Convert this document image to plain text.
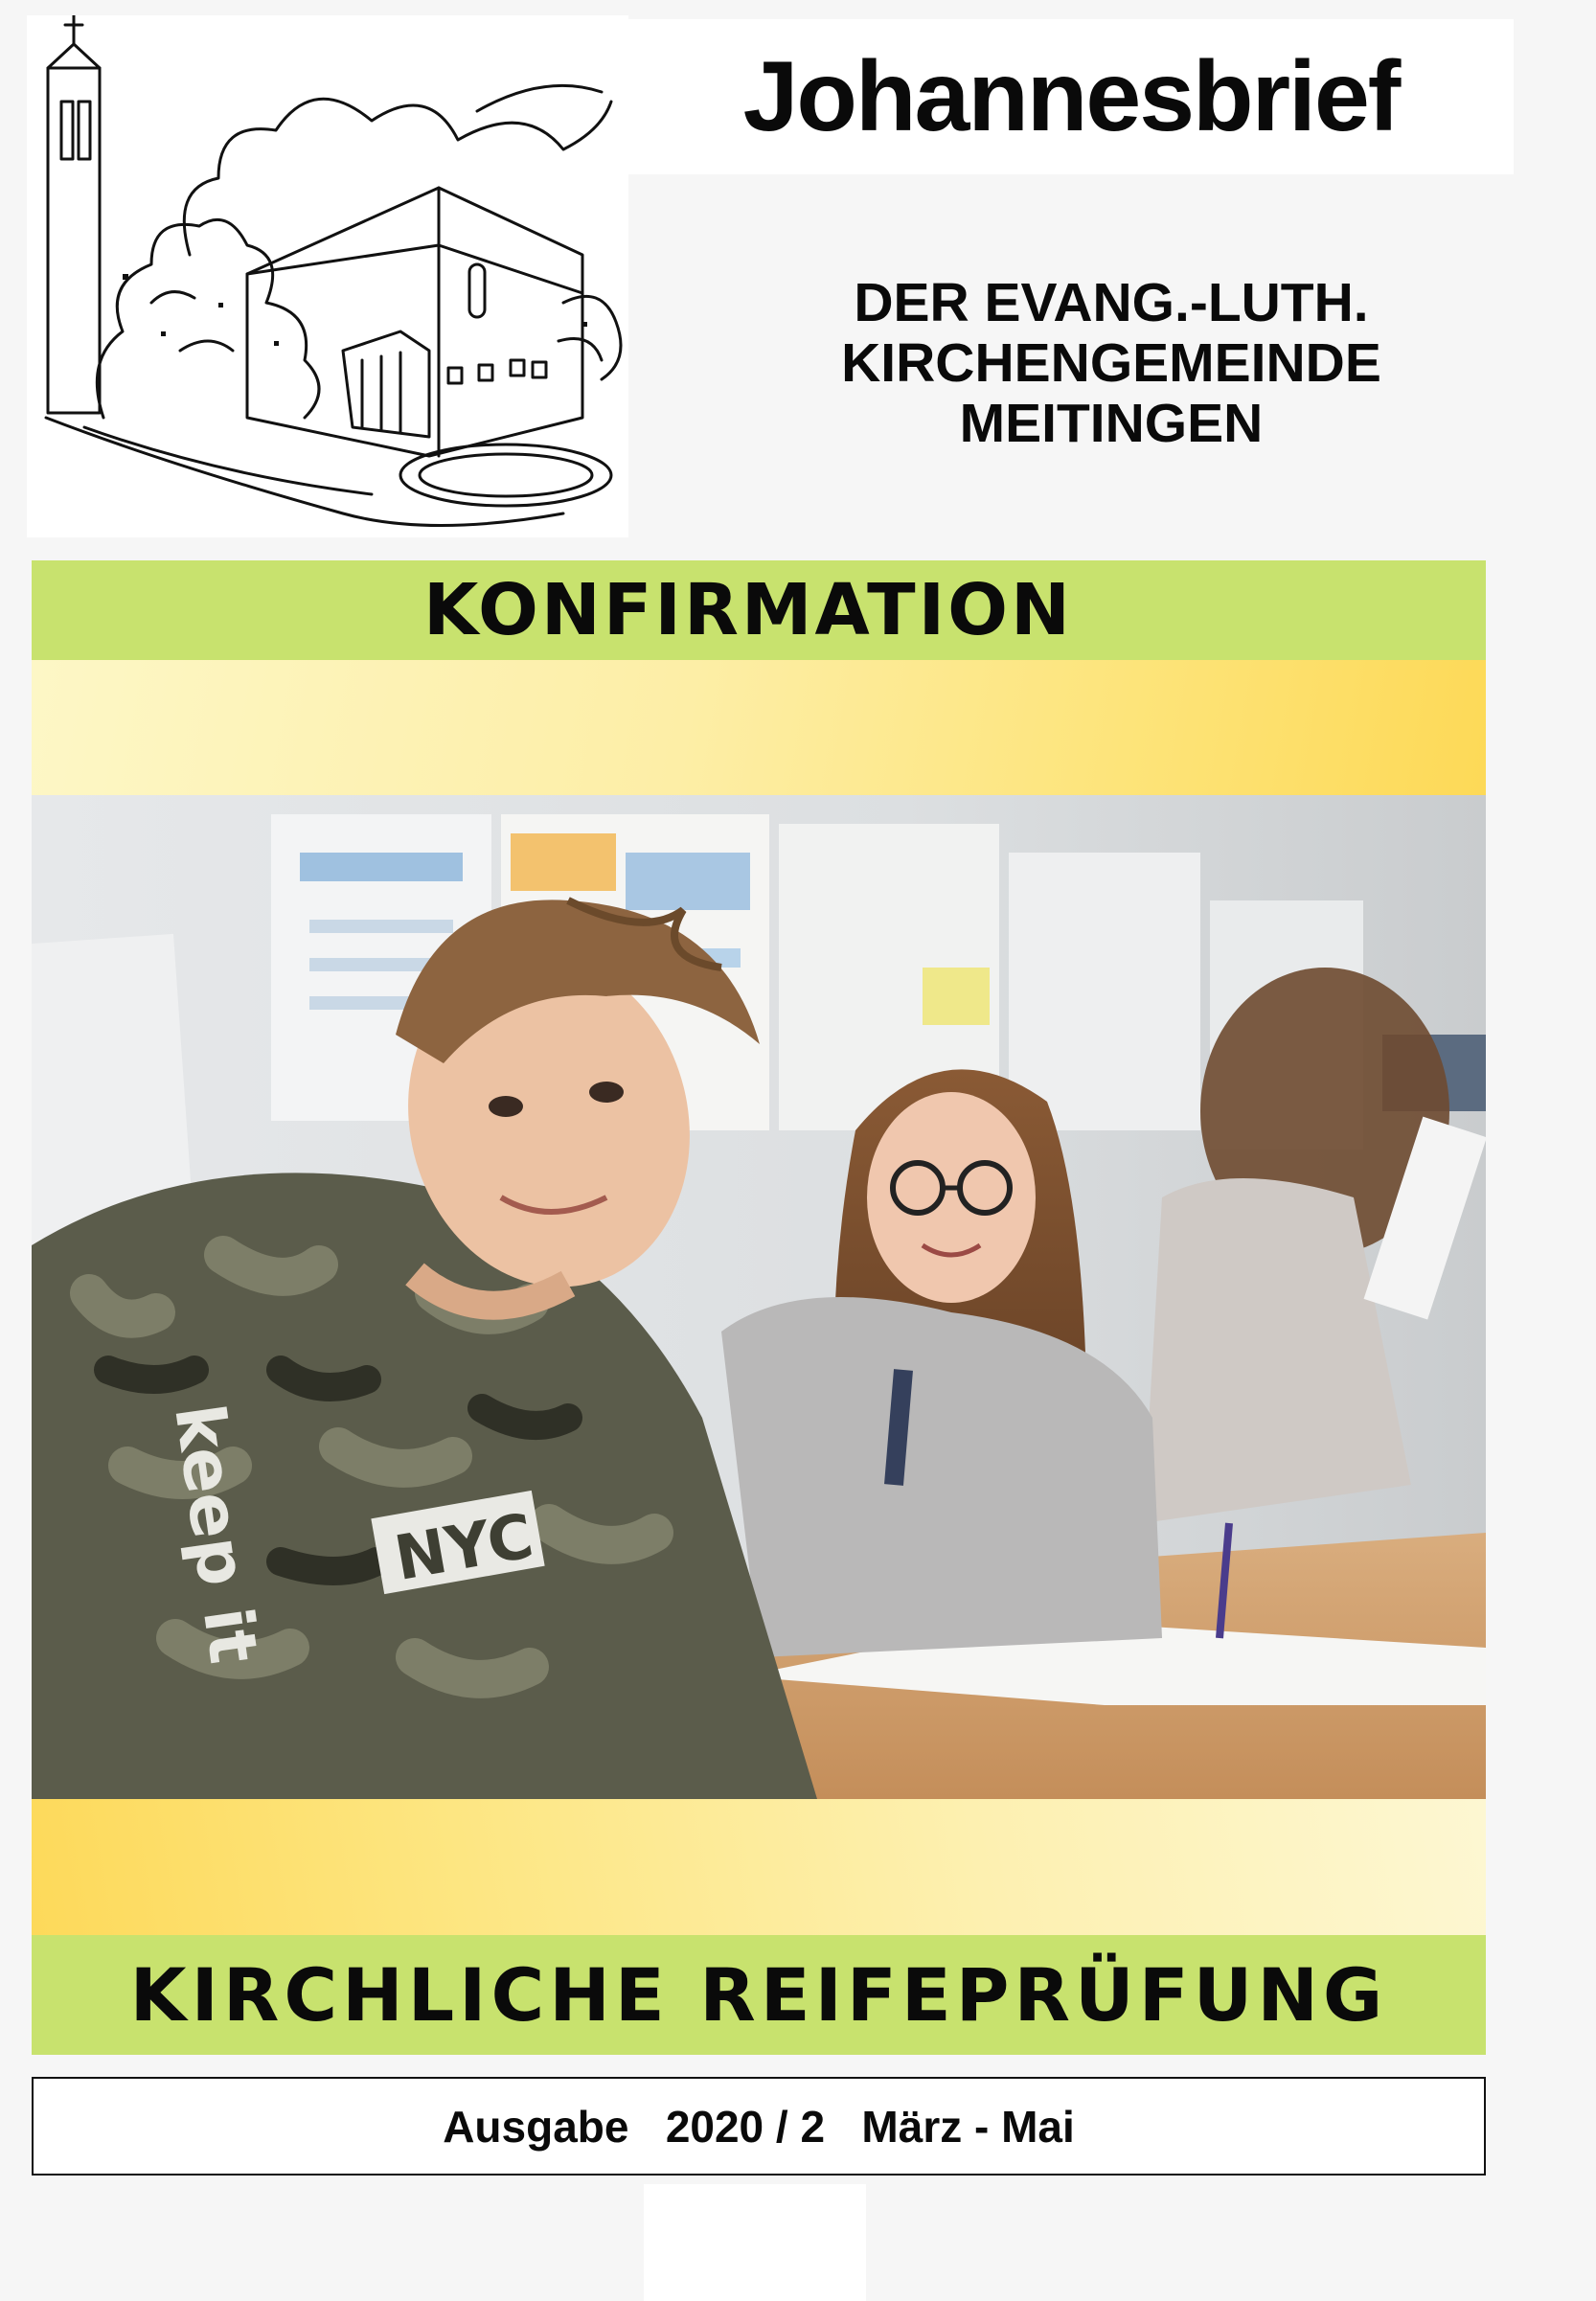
Johannesbrief
DER EVANG.-LUTH.
KIRCHENGEMEINDE
MEITINGEN
KONFIRMATION
NYC
keep it
KIRCHLICHE REIFEPRÜFUNG
Ausgabe
2020 / 2
März - Mai
